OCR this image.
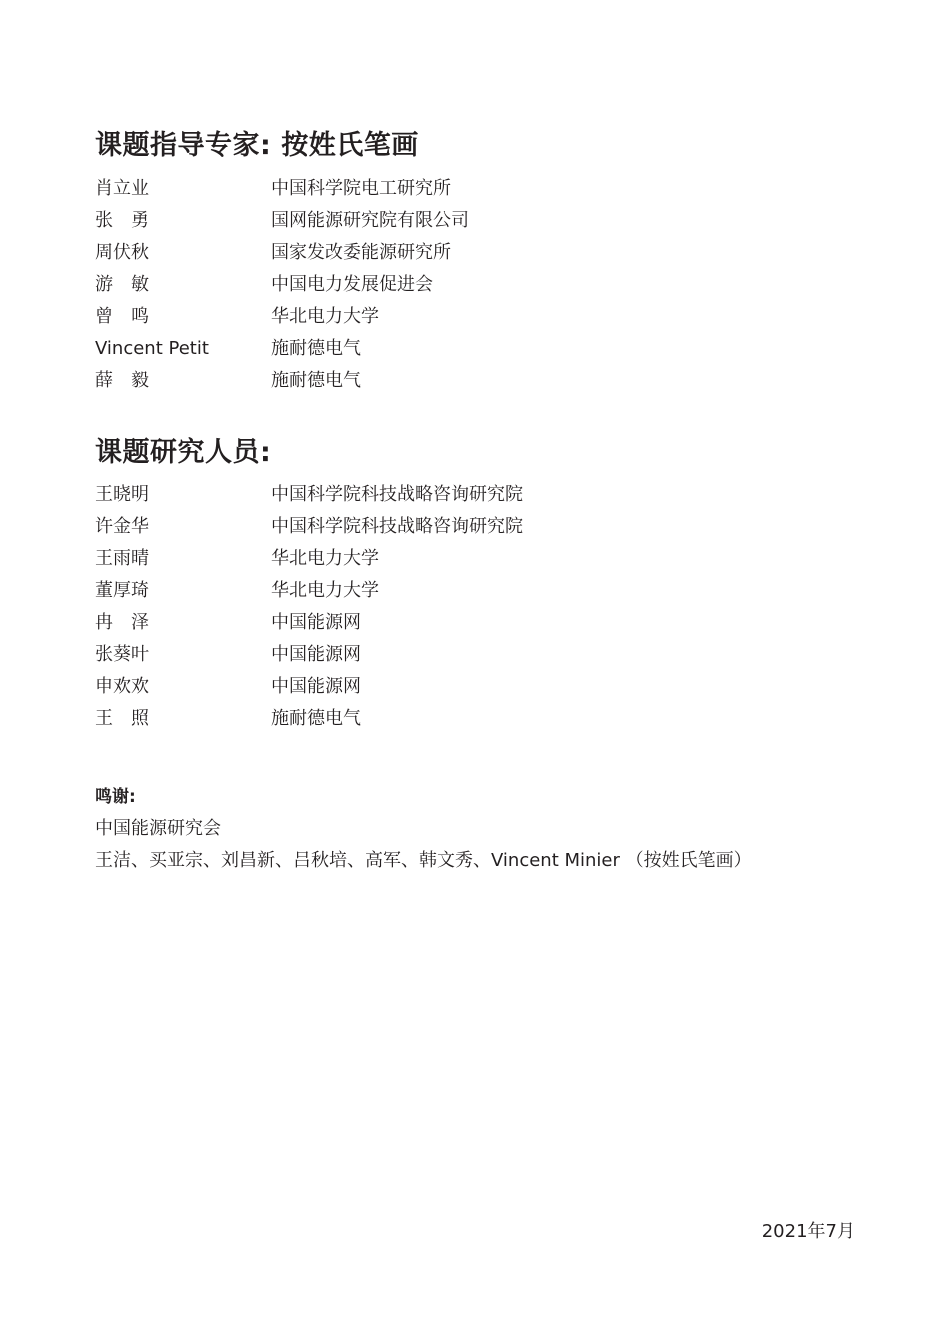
课题指导专家: 按姓氏笔画
肖立业	中国科学院电工研究所
张　勇	国网能源研究院有限公司
周伏秋	国家发改委能源研究所
游　敏	中国电力发展促进会
曾　鸣	华北电力大学
Vincent Petit	施耐德电气
薛　毅	施耐德电气
课题研究人员:
王晓明	中国科学院科技战略咨询研究院
许金华	中国科学院科技战略咨询研究院
王雨晴	华北电力大学
董厚琦	华北电力大学
冉　泽	中国能源网
张葵叶	中国能源网
申欢欢	中国能源网
王　照	施耐德电气
鸣谢:
中国能源研究会
王洁、买亚宗、刘昌新、吕秋培、高军、韩文秀、Vincent Minier （按姓氏笔画）
2021年7月
